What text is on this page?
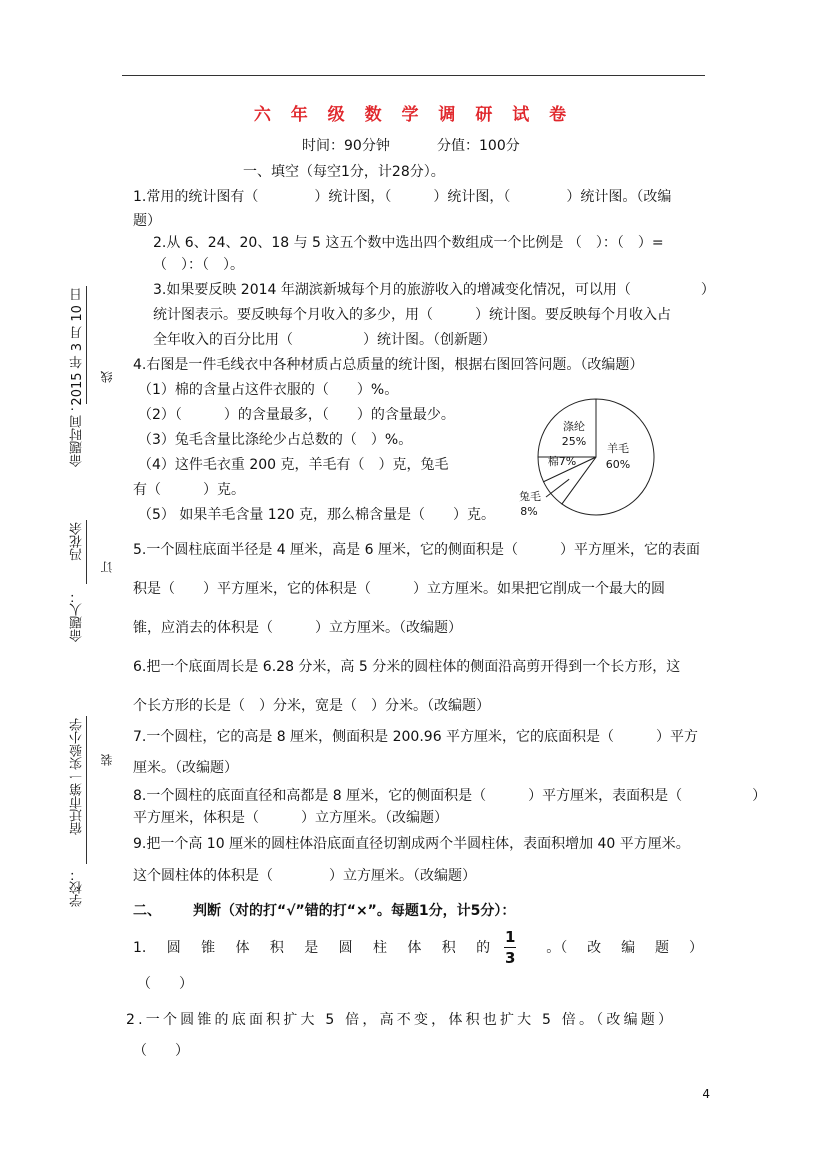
六 年 级 数 学 调 研 试 卷
时间：90分钟	分值：100分
一、填空（每空1分，计28分）。
1.常用的统计图有（　　　　）统计图，（　　　）统计图，（　　　　）统计图。（改编
题）
2.从 6、24、20、18 与 5 这五个数中选出四个数组成一个比例是 （　）：（　）=
（　）：（　）。
3.如果要反映 2014 年湖滨新城每个月的旅游收入的增减变化情况，可以用（　　　　　）
统计图表示。要反映每个月收入的多少，用（　　　）统计图。要反映每个月收入占
全年收入的百分比用（　　　　　）统计图。（创新题）
4.右图是一件毛线衣中各种材质占总质量的统计图，根据右图回答问题。（改编题）
（1）棉的含量占这件衣服的（　　）%。
（2）（　　　）的含量最多，（　　）的含量最少。
（3）兔毛含量比涤纶少占总数的（　）%。
（4）这件毛衣重 200 克，羊毛有（　）克，兔毛
有（　　　）克。
（5） 如果羊毛含量 120 克，那么棉含量是（　　）克。
羊毛
60%
涤纶
25%
棉7%
兔毛
8%
5.一个圆柱底面半径是 4 厘米，高是 6 厘米，它的侧面积是（　　　）平方厘米，它的表面
积是（　　）平方厘米，它的体积是（　　　）立方厘米。如果把它削成一个最大的圆
锥，应消去的体积是（　　　）立方厘米。（改编题）
6.把一个底面周长是 6.28 分米，高 5 分米的圆柱体的侧面沿高剪开得到一个长方形，这
个长方形的长是（　）分米，宽是（　）分米。（改编题）
7.一个圆柱，它的高是 8 厘米，侧面积是 200.96 平方厘米，它的底面积是（　　　）平方
厘米。（改编题）
8.一个圆柱的底面直径和高都是 8 厘米，它的侧面积是（　　　）平方厘米，表面积是（　　　　　）
平方厘米，体积是（　　　）立方厘米。（改编题）
9.把一个高 10 厘米的圆柱体沿底面直径切割成两个半圆柱体，表面积增加 40 平方厘米。
这个圆柱体的体积是（　　　　）立方厘米。（改编题）
二、 判断（对的打“√”错的打“×”。每题1分，计5分）：
1. 圆 锥 体 积 是 圆 柱 体 积 的 $\frac{1}{3}$ 。（ 改 编 题 ）
（　　）
2.一个圆锥的底面积扩大 5 倍，高不变，体积也扩大 5 倍。（改编题）
（　　）
命题时间 ：
2015 年 3 月 10 日
命题人：
冯花余
学校：
宿迁市第一实验小学
线
订
装
4
